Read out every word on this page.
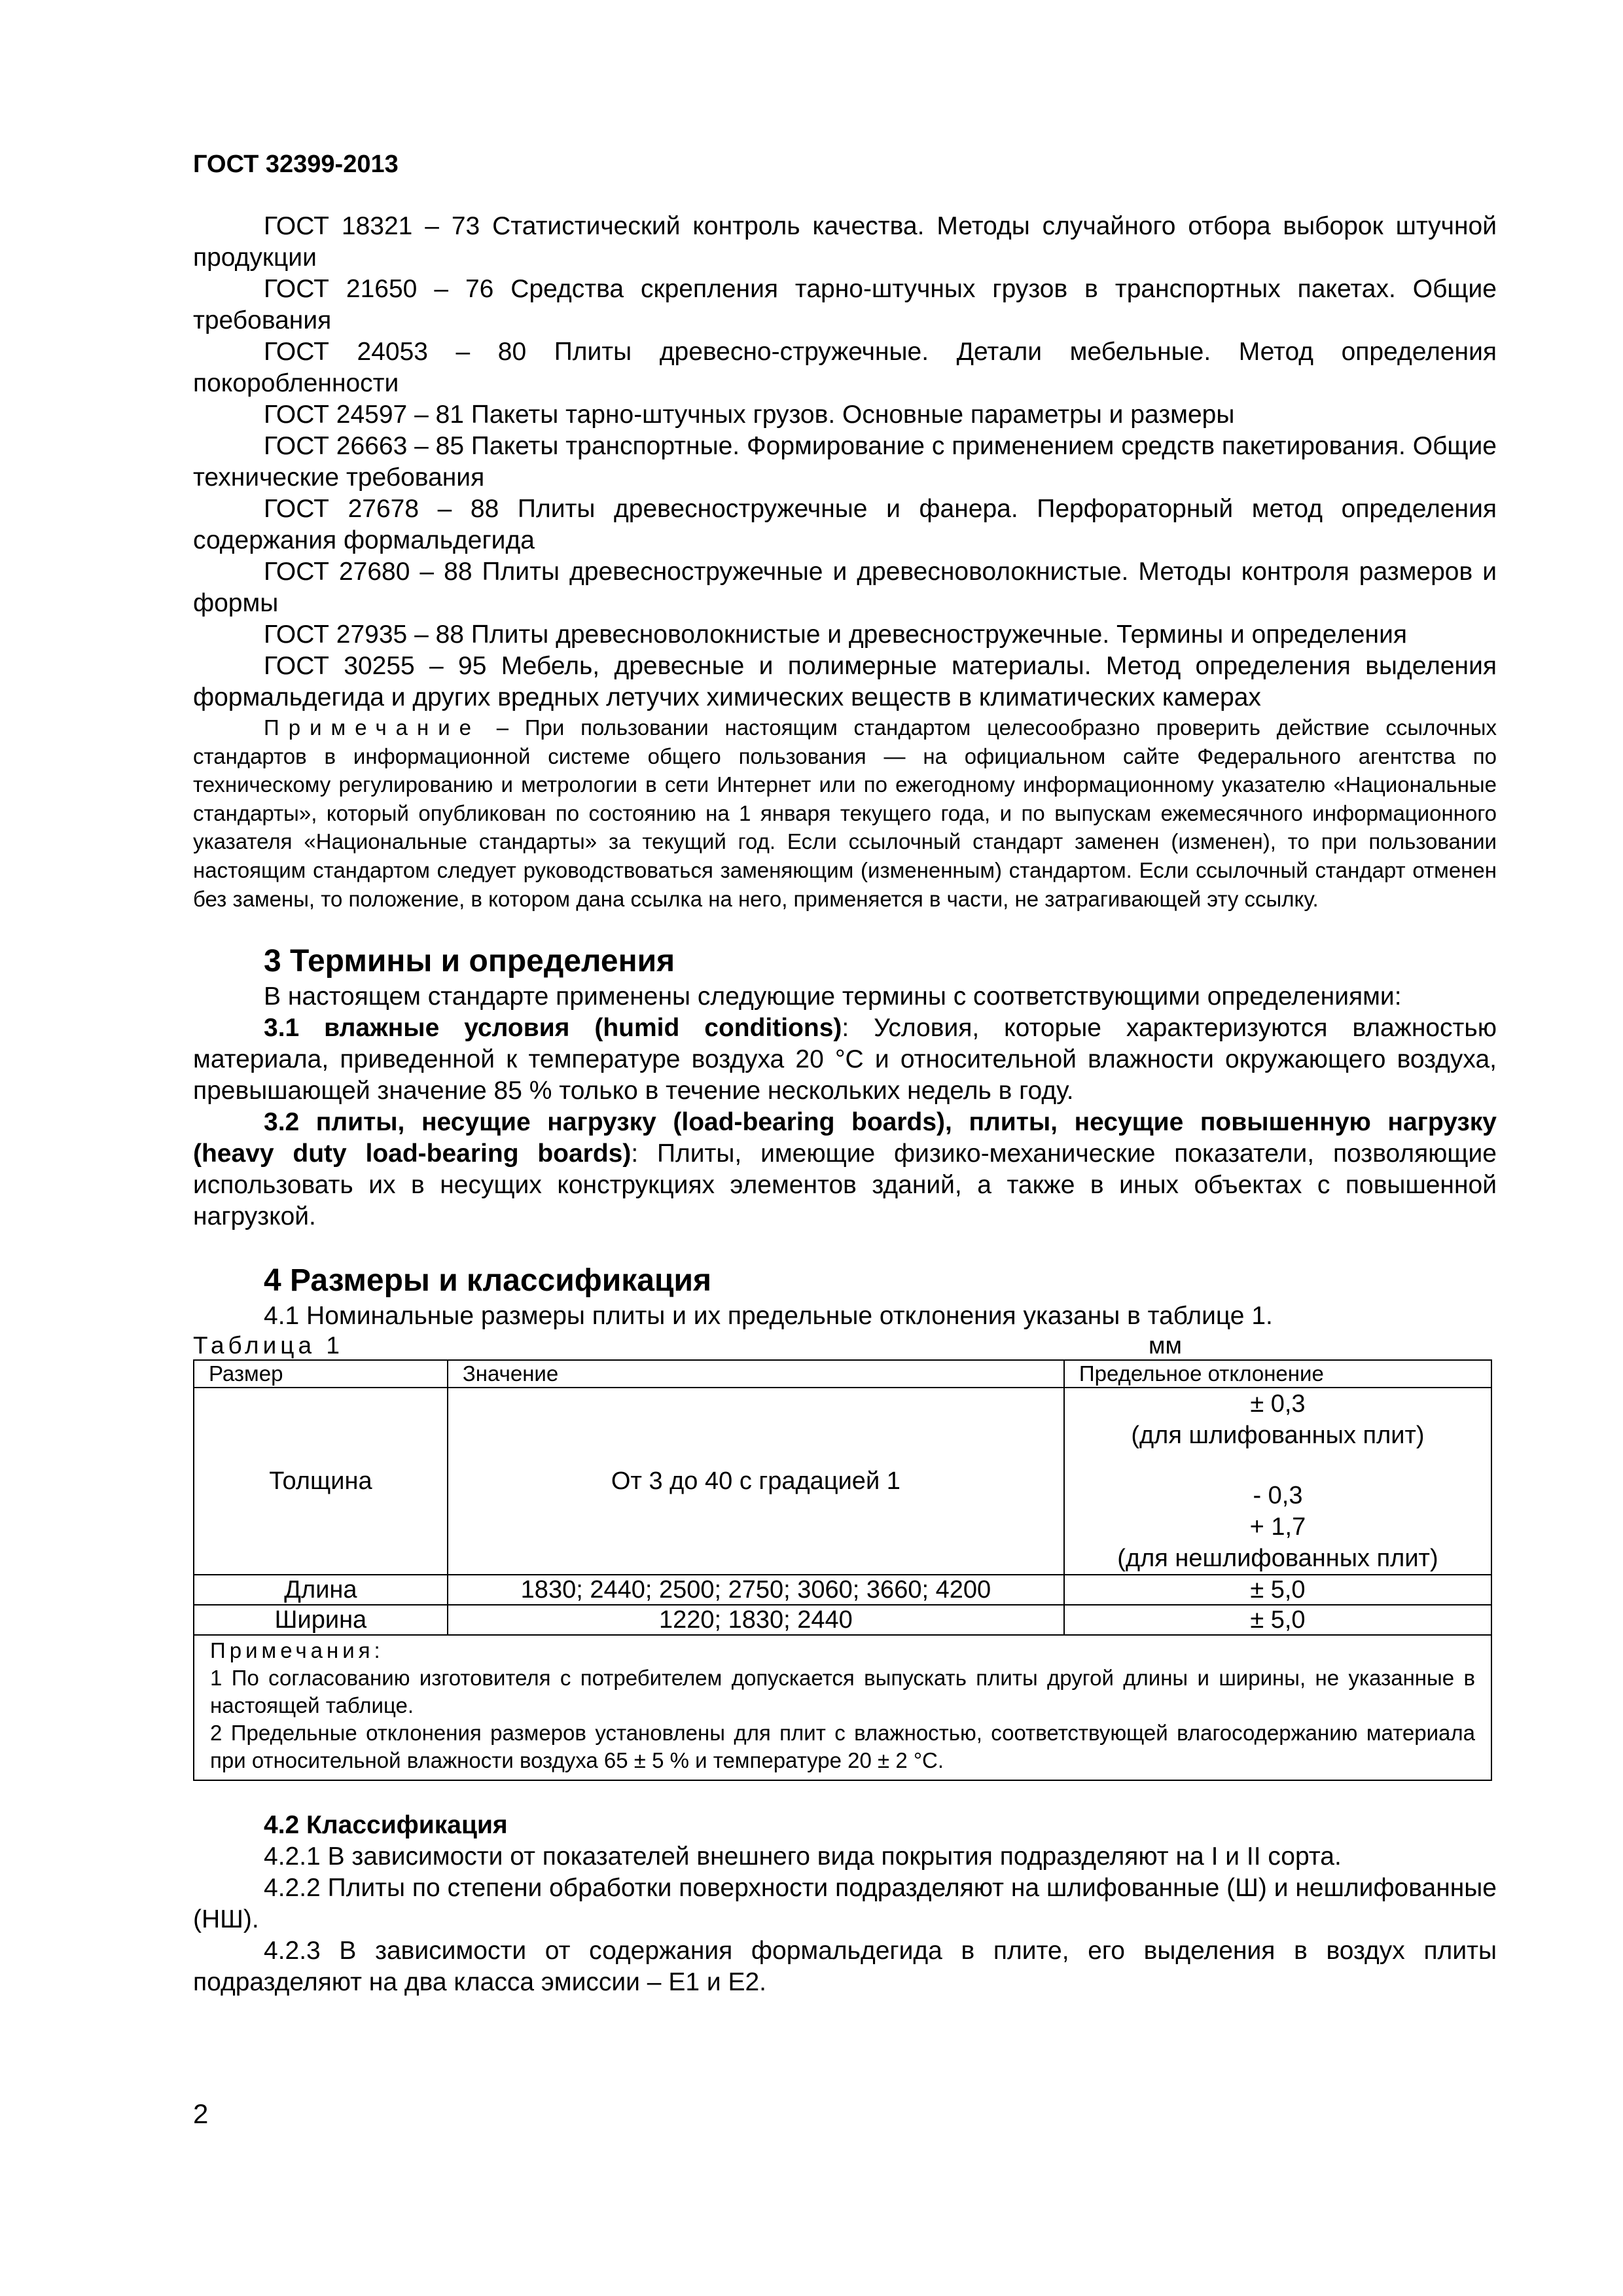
ГОСТ 32399-2013

ГОСТ 18321 – 73 Статистический контроль качества. Методы случайного отбора выборок штучной продукции

ГОСТ 21650 – 76 Средства скрепления тарно-штучных грузов в транспортных пакетах. Общие требования

ГОСТ 24053 – 80 Плиты древесно-стружечные. Детали мебельные. Метод определения покоробленности

ГОСТ 24597 – 81 Пакеты тарно-штучных грузов. Основные параметры и размеры

ГОСТ 26663 – 85 Пакеты транспортные. Формирование с применением средств пакетирования. Общие технические требования

ГОСТ 27678 – 88 Плиты древесностружечные и фанера. Перфораторный метод определения содержания формальдегида

ГОСТ 27680 – 88 Плиты древесностружечные и древесноволокнистые. Методы контроля размеров и формы

ГОСТ 27935 – 88 Плиты древесноволокнистые и древесностружечные. Термины и определения

ГОСТ 30255 – 95 Мебель, древесные и полимерные материалы. Метод определения выделения формальдегида и других вредных летучих химических веществ в климатических камерах

Примечание – При пользовании настоящим стандартом целесообразно проверить действие ссылочных стандартов в информационной системе общего пользования — на официальном сайте Федерального агентства по техническому регулированию и метрологии в сети Интернет или по ежегодному информационному указателю «Национальные стандарты», который опубликован по состоянию на 1 января текущего года, и по выпускам ежемесячного информационного указателя «Национальные стандарты» за текущий год. Если ссылочный стандарт заменен (изменен), то при пользовании настоящим стандартом следует руководствоваться заменяющим (измененным) стандартом. Если ссылочный стандарт отменен без замены, то положение, в котором дана ссылка на него, применяется в части, не затрагивающей эту ссылку.

3 Термины и определения

В настоящем стандарте применены следующие термины с соответствующими определениями:

3.1 влажные условия (humid conditions): Условия, которые характеризуются влажностью материала, приведенной к температуре воздуха 20 °C и относительной влажности окружающего воздуха, превышающей значение 85 % только в течение нескольких недель в году.

3.2 плиты, несущие нагрузку (load-bearing boards), плиты, несущие повышенную нагрузку (heavy duty load-bearing boards): Плиты, имеющие физико-механические показатели, позволяющие использовать их в несущих конструкциях элементов зданий, а также в иных объектах с повышенной нагрузкой.

4 Размеры и классификация

4.1 Номинальные размеры плиты и их предельные отклонения указаны в таблице 1.

Таблица 1	мм
Размер	Значение	Предельное отклонение
Толщина	От 3 до 40 с градацией 1	± 0,3
(для шлифованных плит)
- 0,3
+ 1,7
(для нешлифованных плит)

Длина	1830; 2440; 2500; 2750; 3060; 3660; 4200	± 5,0
Ширина	1220; 1830; 2440	± 5,0

Примечания:
1 По согласованию изготовителя с потребителем допускается выпускать плиты другой длины и ширины, не указанные в настоящей таблице.
2 Предельные отклонения размеров установлены для плит с влажностью, соответствующей влагосодержанию материала при относительной влажности воздуха 65 ± 5 % и температуре 20 ± 2 °С.		
4.2 Классификация

4.2.1 В зависимости от показателей внешнего вида покрытия подразделяют на I и II сорта.

4.2.2 Плиты по степени обработки поверхности подразделяют на шлифованные (Ш) и нешлифованные (НШ).

4.2.3 В зависимости от содержания формальдегида в плите, его выделения в воздух плиты подразделяют на два класса эмиссии – Е1 и Е2.

2
